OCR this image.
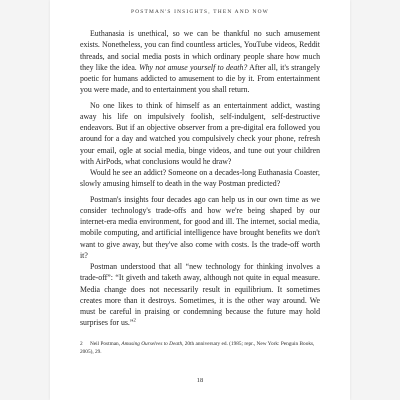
POSTMAN'S INSIGHTS, THEN AND NOW

Euthanasia is unethical, so we can be thankful no such amusement exists. Nonetheless, you can find countless articles, YouTube videos, Reddit threads, and social media posts in which ordinary people share how much they like the idea. Why not amuse yourself to death? After all, it's strangely poetic for humans addicted to amusement to die by it. From entertainment you were made, and to entertainment you shall return.

No one likes to think of himself as an entertainment addict, wasting away his life on impulsively foolish, self-indulgent, self-destructive endeavors. But if an objective observer from a pre-digital era followed you around for a day and watched you compulsively check your phone, refresh your email, ogle at social media, binge videos, and tune out your children with AirPods, what conclusions would he draw?

Would he see an addict? Someone on a decades-long Euthanasia Coaster, slowly amusing himself to death in the way Postman predicted?

Postman's insights four decades ago can help us in our own time as we consider technology's trade-offs and how we're being shaped by our internet-era media environment, for good and ill. The internet, social media, mobile computing, and artificial intelligence have brought benefits we don't want to give away, but they've also come with costs. Is the trade-off worth it?

Postman understood that all “new technology for thinking involves a trade-off”: “It giveth and taketh away, although not quite in equal measure. Media change does not necessarily result in equilibrium. It sometimes creates more than it destroys. Sometimes, it is the other way around. We must be careful in praising or condemning because the future may hold surprises for us.”$^2$

2 Neil Postman, Amusing Ourselves to Death, 20th anniversary ed. (1985; repr., New York: Penguin Books, 2005), 29.
18
